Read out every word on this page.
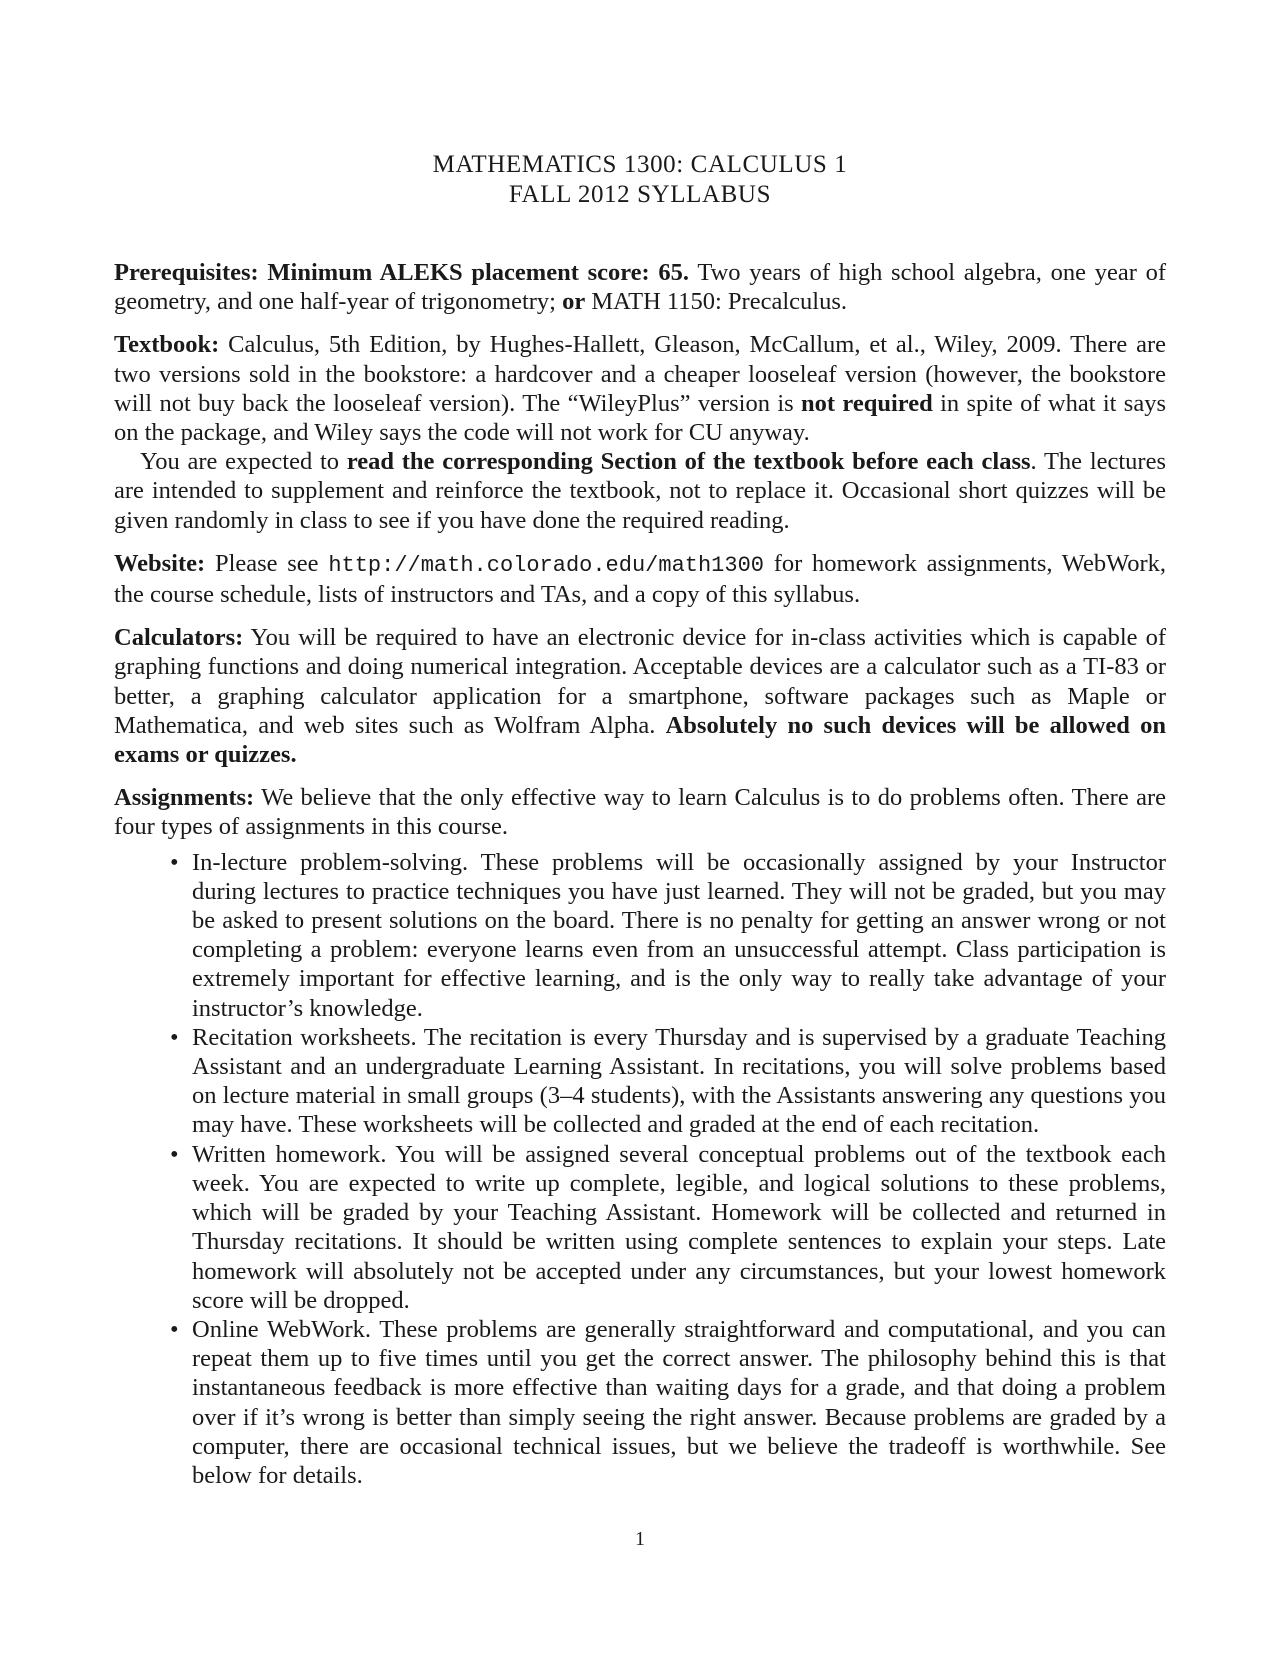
MATHEMATICS 1300: CALCULUS 1
FALL 2012 SYLLABUS

Prerequisites: Minimum ALEKS placement score: 65. Two years of high school algebra, one year of geometry, and one half-year of trigonometry; or MATH 1150: Precalculus.

Textbook: Calculus, 5th Edition, by Hughes-Hallett, Gleason, McCallum, et al., Wiley, 2009. There are two versions sold in the bookstore: a hardcover and a cheaper looseleaf version (however, the bookstore will not buy back the looseleaf version). The “WileyPlus” version is not required in spite of what it says on the package, and Wiley says the code will not work for CU anyway.

You are expected to read the corresponding Section of the textbook before each class. The lectures are intended to supplement and reinforce the textbook, not to replace it. Occasional short quizzes will be given randomly in class to see if you have done the required reading.

Website: Please see http://math.colorado.edu/math1300 for homework assignments, WebWork, the course schedule, lists of instructors and TAs, and a copy of this syllabus.

Calculators: You will be required to have an electronic device for in-class activities which is capable of graphing functions and doing numerical integration. Acceptable devices are a calculator such as a TI-83 or better, a graphing calculator application for a smartphone, software packages such as Maple or Mathematica, and web sites such as Wolfram Alpha. Absolutely no such devices will be allowed on exams or quizzes.

Assignments: We believe that the only effective way to learn Calculus is to do problems often. There are four types of assignments in this course.

• In-lecture problem-solving. These problems will be occasionally assigned by your Instructor during lectures to practice techniques you have just learned. They will not be graded, but you may be asked to present solutions on the board. There is no penalty for getting an answer wrong or not completing a problem: everyone learns even from an unsuccessful attempt. Class participation is extremely important for effective learning, and is the only way to really take advantage of your instructor’s knowledge.
• Recitation worksheets. The recitation is every Thursday and is supervised by a graduate Teaching Assistant and an undergraduate Learning Assistant. In recitations, you will solve problems based on lecture material in small groups (3–4 students), with the Assistants answering any questions you may have. These worksheets will be collected and graded at the end of each recitation.
• Written homework. You will be assigned several conceptual problems out of the textbook each week. You are expected to write up complete, legible, and logical solutions to these problems, which will be graded by your Teaching Assistant. Homework will be collected and returned in Thursday recitations. It should be written using complete sentences to explain your steps. Late homework will absolutely not be accepted under any circumstances, but your lowest homework score will be dropped.
• Online WebWork. These problems are generally straightforward and computational, and you can repeat them up to five times until you get the correct answer. The philosophy behind this is that instantaneous feedback is more effective than waiting days for a grade, and that doing a problem over if it’s wrong is better than simply seeing the right answer. Because problems are graded by a computer, there are occasional technical issues, but we believe the tradeoff is worthwhile. See below for details.
1
